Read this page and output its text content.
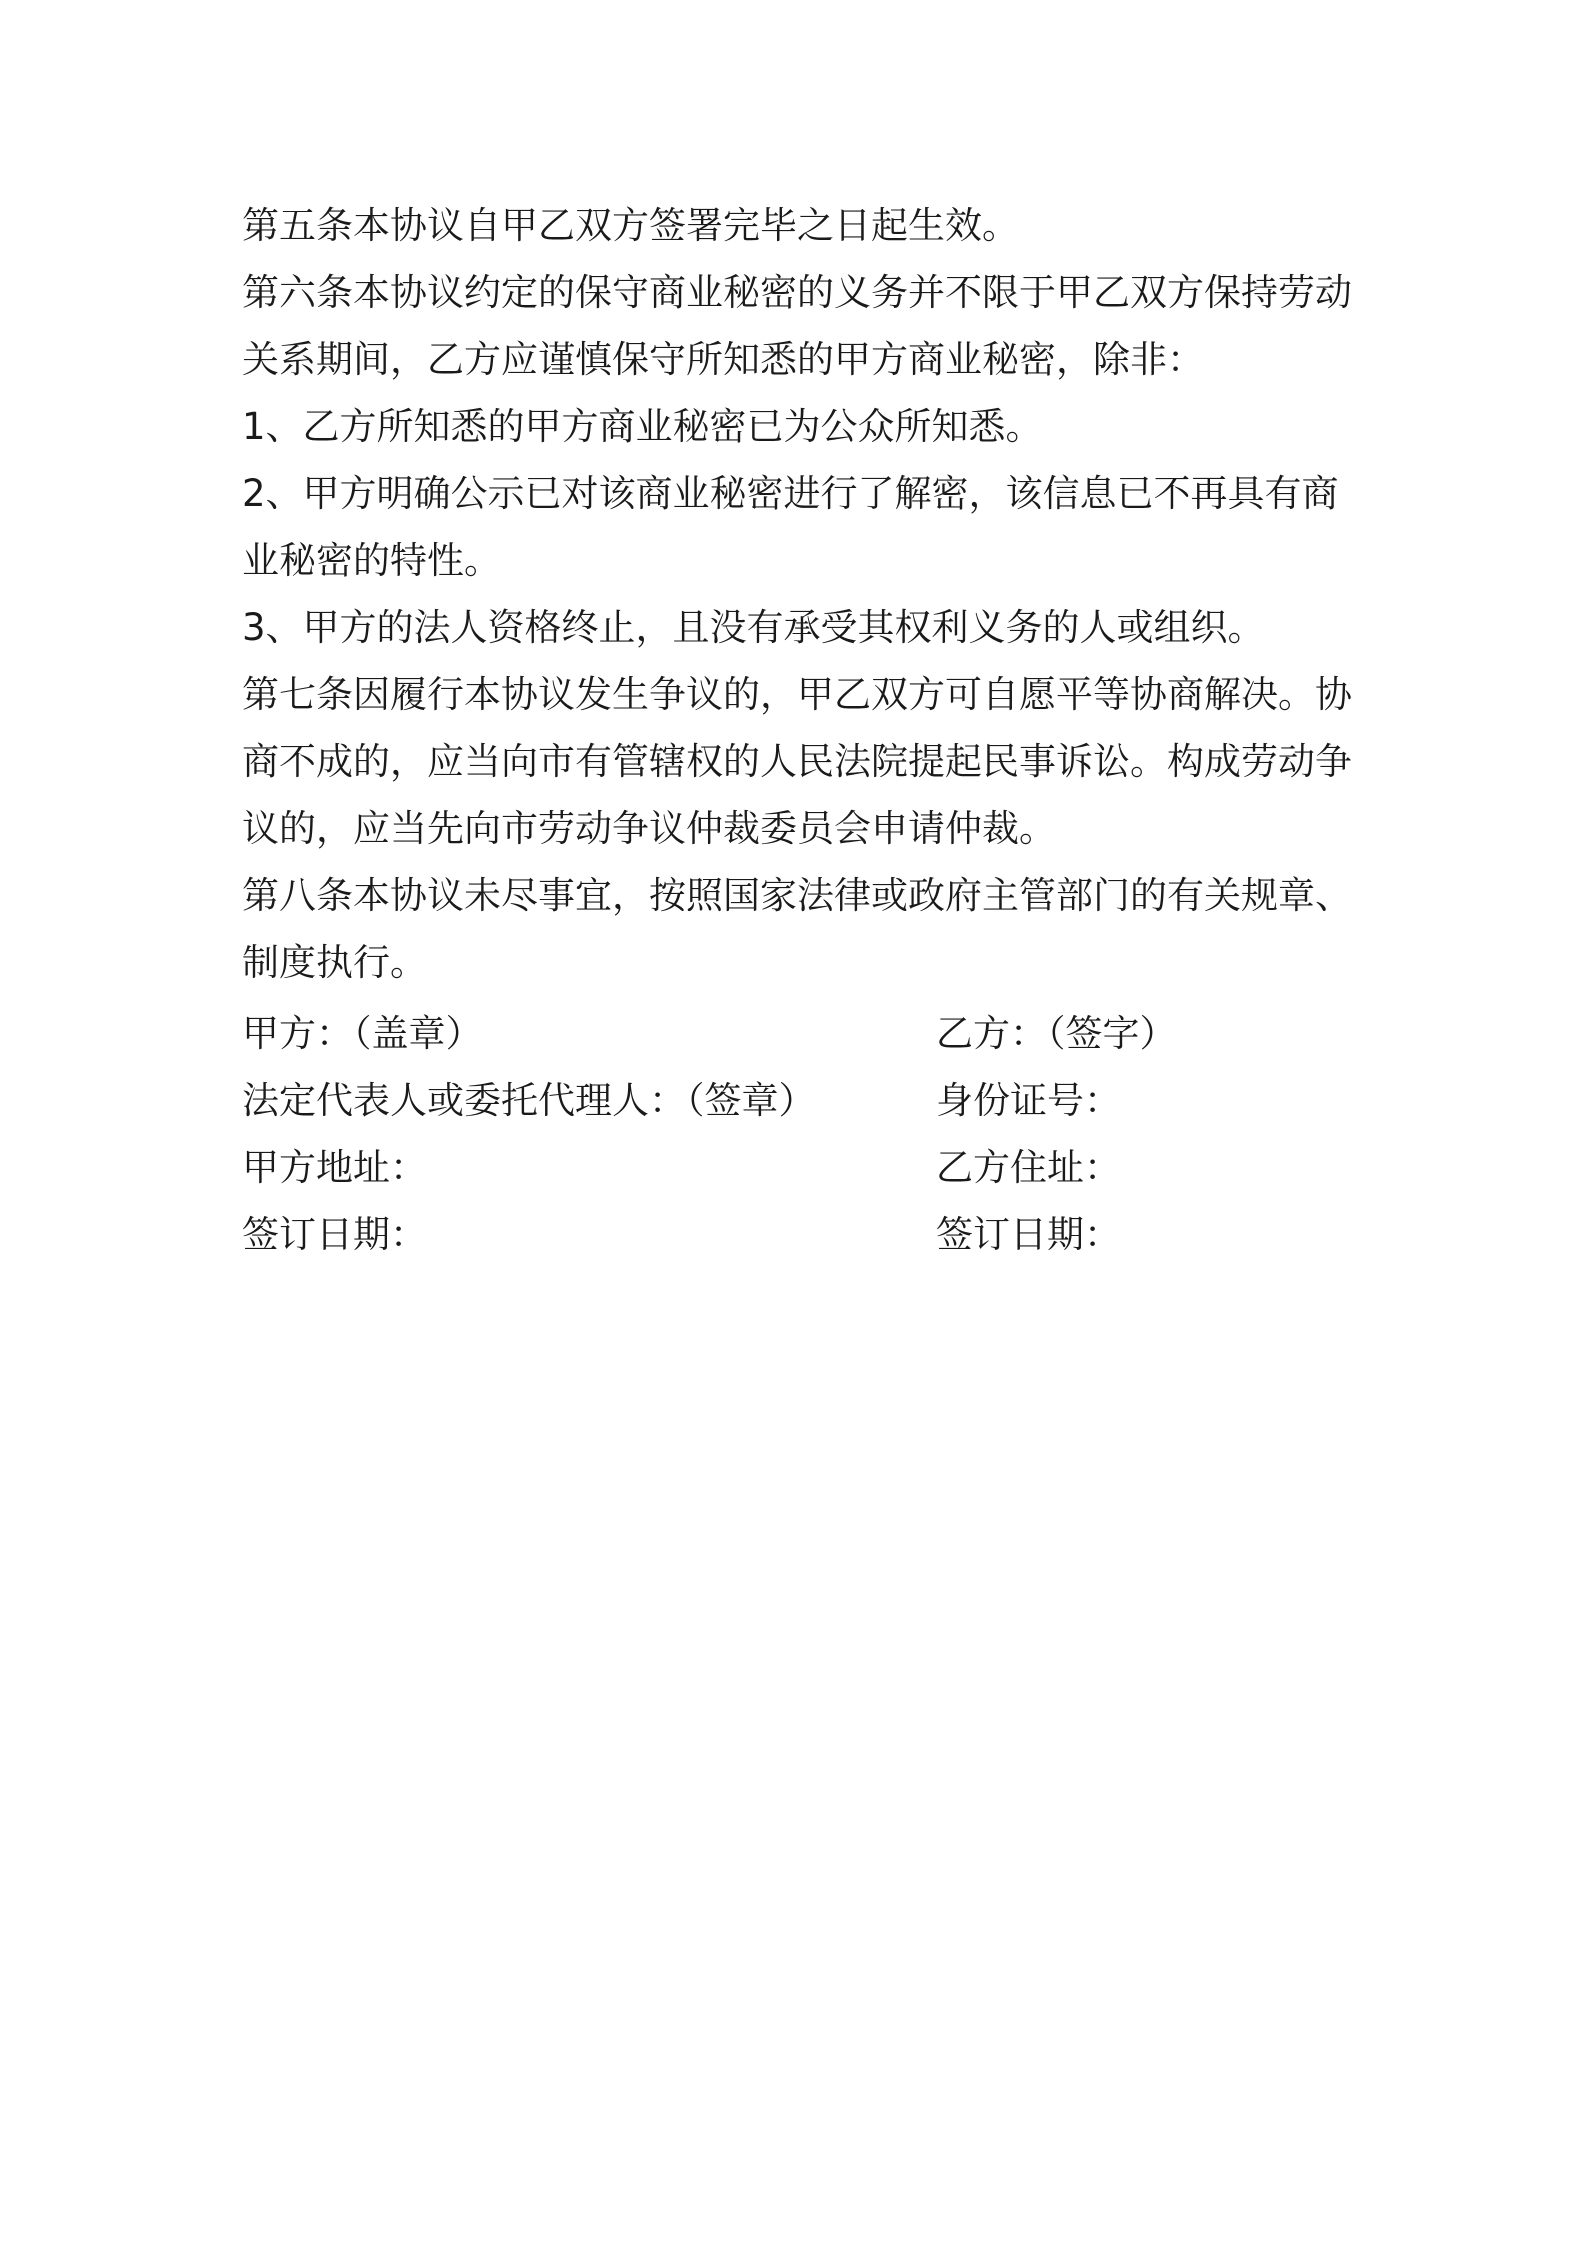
第五条本协议自甲乙双方签署完毕之日起生效。

第六条本协议约定的保守商业秘密的义务并不限于甲乙双方保持劳动关系期间，乙方应谨慎保守所知悉的甲方商业秘密，除非：

1、乙方所知悉的甲方商业秘密已为公众所知悉。

2、甲方明确公示已对该商业秘密进行了解密，该信息已不再具有商业秘密的特性。

3、甲方的法人资格终止，且没有承受其权利义务的人或组织。

第七条因履行本协议发生争议的，甲乙双方可自愿平等协商解决。协商不成的，应当向市有管辖权的人民法院提起民事诉讼。构成劳动争议的，应当先向市劳动争议仲裁委员会申请仲裁。

第八条本协议未尽事宜，按照国家法律或政府主管部门的有关规章、制度执行。

甲方：（盖章）	乙方：（签字）
法定代表人或委托代理人：（签章）	身份证号：
甲方地址：	乙方住址：
签订日期：	签订日期：
